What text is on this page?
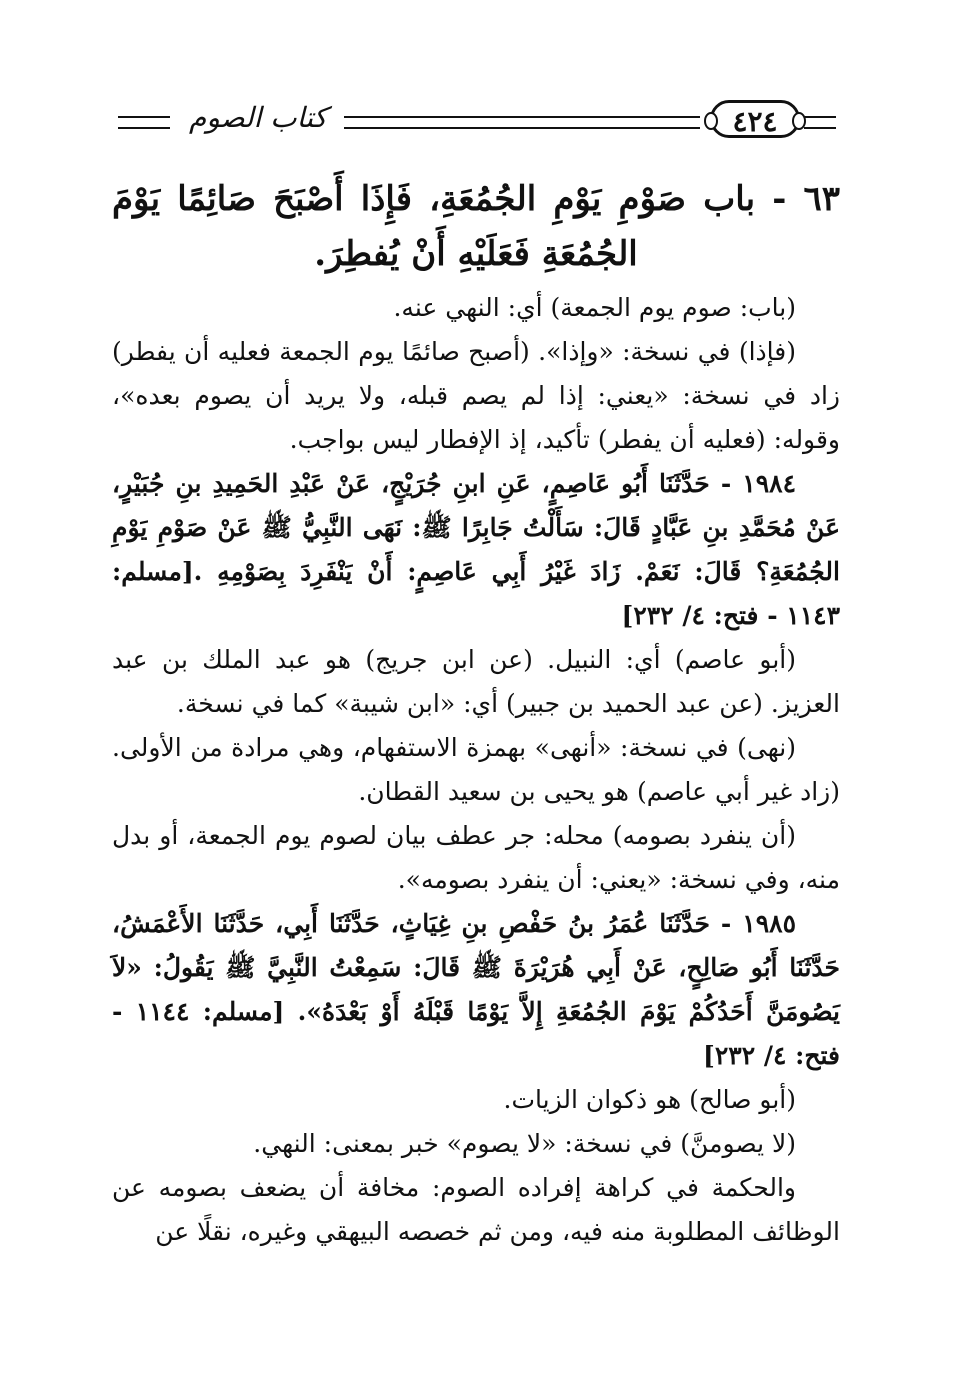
كتاب الصوم	٤٢٤
٦٣ - باب صَوْمِ يَوْمِ الجُمُعَةِ، فَإِذَا أَصْبَحَ صَائِمًا يَوْمَ الجُمُعَةِ فَعَلَيْهِ أَنْ يُفطِرَ.

(باب: صوم يوم الجمعة) أي: النهي عنه.

(فإذا) في نسخة: «وإذا». (أصبح صائمًا يوم الجمعة فعليه أن يفطر) زاد في نسخة: «يعني: إذا لم يصم قبله، ولا يريد أن يصوم بعده»، وقوله: (فعليه أن يفطر) تأكيد، إذ الإفطار ليس بواجب.

١٩٨٤ - حَدَّثَنَا أَبُو عَاصِمٍ، عَنِ ابنِ جُرَيْجٍ، عَنْ عَبْدِ الحَمِيدِ بنِ جُبَيْرٍ، عَنْ مُحَمَّدِ بنِ عَبَّادٍ قَالَ: سَأَلْتُ جَابِرًا ﷺ: نَهَى النَّبِيُّ ﷺ عَنْ صَوْمِ يَوْمِ الجُمُعَةِ؟ قَالَ: نَعَمْ. زَادَ غَيْرُ أَبِي عَاصِمٍ: أَنْ يَنْفَرِدَ بِصَوْمِهِ .[مسلم: ١١٤٣ - فتح: ٤/ ٢٣٢]

(أبو عاصم) أي: النبيل. (عن ابن جريج) هو عبد الملك بن عبد العزيز. (عن عبد الحميد بن جبير) أي: «ابن شيبة» كما في نسخة.

(نهى) في نسخة: «أنهى» بهمزة الاستفهام، وهي مرادة من الأولى. (زاد غير أبي عاصم) هو يحيى بن سعيد القطان.

(أن ينفرد بصومه) محله: جر عطف بيان لصوم يوم الجمعة، أو بدل منه، وفي نسخة: «يعني: أن ينفرد بصومه».

١٩٨٥ - حَدَّثَنَا عُمَرُ بنُ حَفْصِ بنِ غِيَاثٍ، حَدَّثَنَا أَبِي، حَدَّثَنَا الأَعْمَشُ، حَدَّثَنَا أَبُو صَالِحٍ، عَنْ أَبِي هُرَيْرَةَ ﷺ قَالَ: سَمِعْتُ النَّبِيَّ ﷺ يَقُولُ: «لاَ يَصُومَنَّ أَحَدُكُمْ يَوْمَ الجُمُعَةِ إِلاَّ يَوْمًا قَبْلَهُ أَوْ بَعْدَهُ». [مسلم: ١١٤٤ - فتح: ٤/ ٢٣٢]

(أبو صالح) هو ذكوان الزيات.

(لا يصومنَّ) في نسخة: «لا يصوم» خبر بمعنى: النهي.

والحكمة في كراهة إفراده الصوم: مخافة أن يضعف بصومه عن الوظائف المطلوبة منه فيه، ومن ثم خصصه البيهقي وغيره، نقلًا عن
